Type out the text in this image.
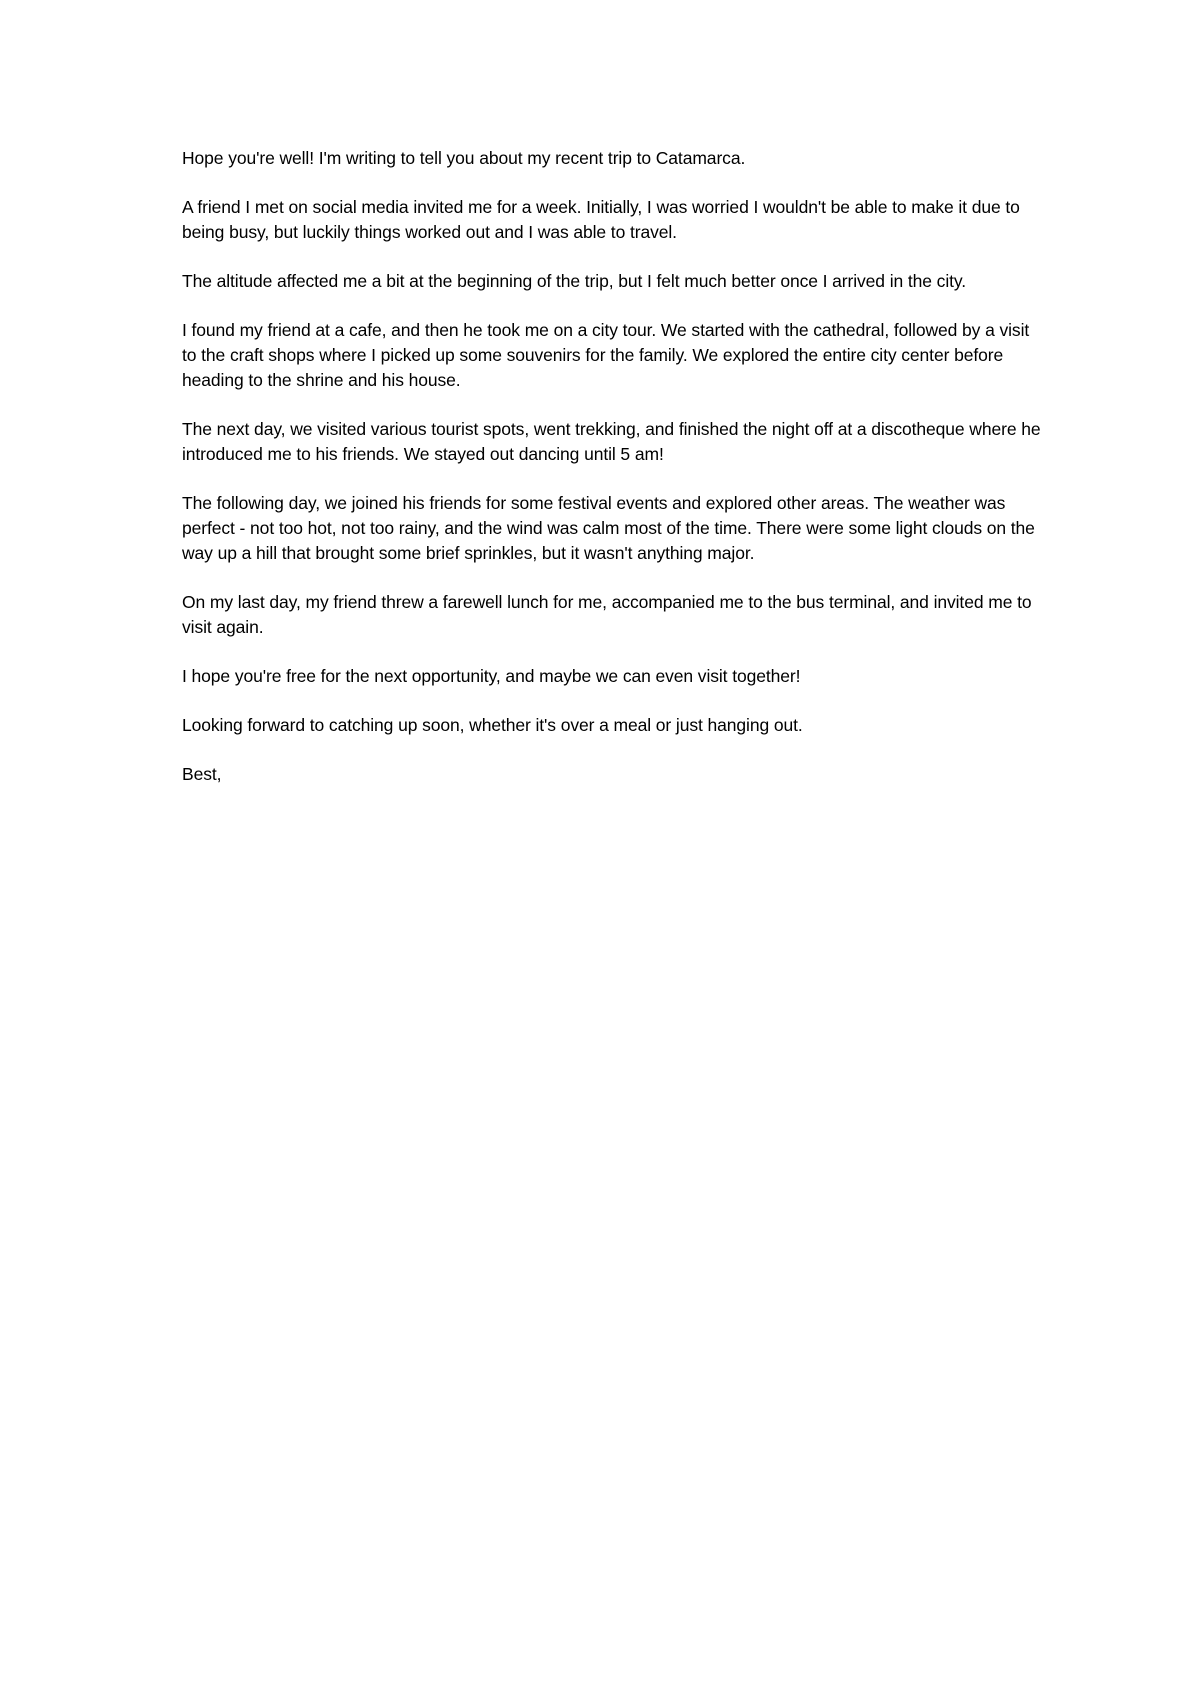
Hope you're well! I'm writing to tell you about my recent trip to Catamarca.

A friend I met on social media invited me for a week. Initially, I was worried I wouldn't be able to make it due to being busy, but luckily things worked out and I was able to travel.

The altitude affected me a bit at the beginning of the trip, but I felt much better once I arrived in the city.

I found my friend at a cafe, and then he took me on a city tour. We started with the cathedral, followed by a visit to the craft shops where I picked up some souvenirs for the family. We explored the entire city center before heading to the shrine and his house.

The next day, we visited various tourist spots, went trekking, and finished the night off at a discotheque where he introduced me to his friends. We stayed out dancing until 5 am!

The following day, we joined his friends for some festival events and explored other areas. The weather was perfect - not too hot, not too rainy, and the wind was calm most of the time. There were some light clouds on the way up a hill that brought some brief sprinkles, but it wasn't anything major.

On my last day, my friend threw a farewell lunch for me, accompanied me to the bus terminal, and invited me to visit again.

I hope you're free for the next opportunity, and maybe we can even visit together!

Looking forward to catching up soon, whether it's over a meal or just hanging out.

Best,
